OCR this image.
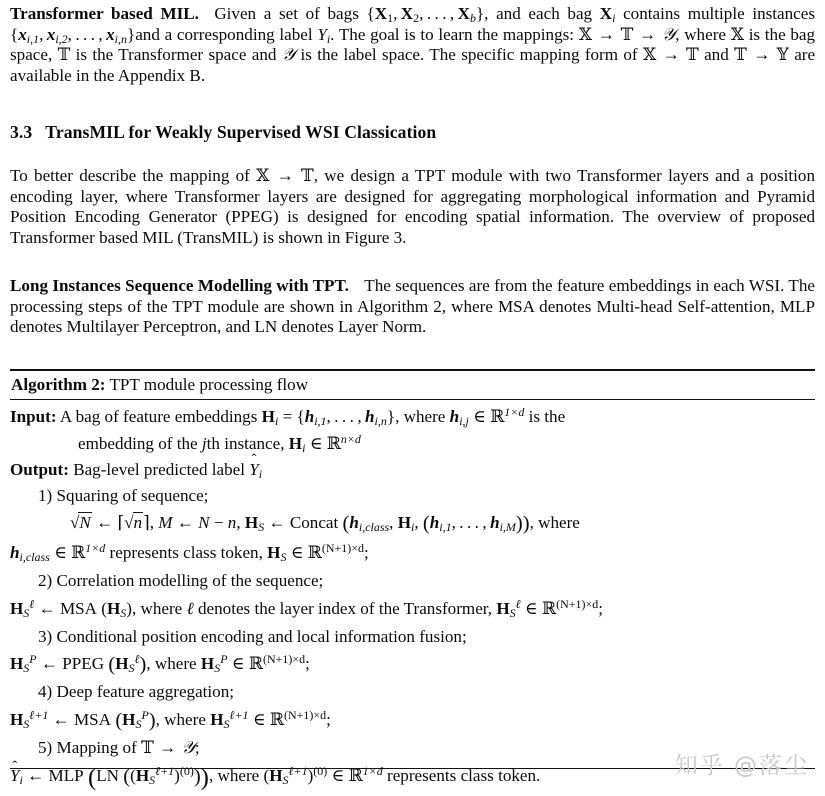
Transformer based MIL. Given a set of bags {$X_1$, $X_2$, . . . , $X_b$}, and each bag $X_i$ contains multiple instances {$x_{i,1}$, $x_{i,2}$, . . . , $x_{i,n}\}and$ a corresponding label $Y_i$. The goal is to learn the mappings: 𝕏 → 𝕋 → 𝒴, where 𝕏 is the bag space, 𝕋 is the Transformer space and 𝒴 is the label space. The specific mapping form of 𝕏 → 𝕋 and 𝕋 → 𝕐 are available in the Appendix B.

3.3 TransMIL for Weakly Supervised WSI Classication

To better describe the mapping of 𝕏 → 𝕋, we design a TPT module with two Transformer layers and a position encoding layer, where Transformer layers are designed for aggregating morphological information and Pyramid Position Encoding Generator (PPEG) is designed for encoding spatial information. The overview of proposed Transformer based MIL (TransMIL) is shown in Figure 3.

Long Instances Sequence Modelling with TPT. The sequences are from the feature embeddings in each WSI. The processing steps of the TPT module are shown in Algorithm 2, where MSA denotes Multi-head Self-attention, MLP denotes Multilayer Perceptron, and LN denotes Layer Norm.

Algorithm 2: TPT module processing flow
Input: A bag of feature embeddings $H_i = \{h_{i,1}$, . . . ,  $h_{i,n}$}, where $h_{i,j}$ ∈ ℝ$^{1\times d}$ is the
embedding of the jth instance, $H_i$ ∈ ℝ$^{n\times d}$
Output: Bag-level predicted label Y
$_i$
1) Squaring of sequence;
√N ← ⌈√n⌉, M ← N − n, $H_S$ ← Concat ($h_{i,class}$, $H_i$, ($h_{i,1}$, . . . ,  $h_{i,M}$)), where
$h_{i,class}$ ∈ ℝ$^{1\times d}$ represents class token, $H_S$ ∈ ℝ$^{(N+1)\times d}$;
2) Correlation modelling of the sequence;
$H_S^\ell$ ← MSA $(H_S)$, where ℓ denotes the layer index of the Transformer, $H_S^\ell$ ∈ ℝ$^{(N+1)\times d}$;
3) Conditional position encoding and local information fusion;
$H_S^P$ ← PPEG $(H_S^\ell)$, where $H_S^P$ ∈ ℝ$^{(N+1)\times d}$;
4) Deep feature aggregation;
$H_S^{\ell+1}$ ← MSA $(H_S^P)$, where $H_S^{\ell+1}$ ∈ ℝ$^{(N+1)\times d}$;
5) Mapping of 𝕋 → 𝒴;
Y
$_i$ ← MLP (LN $((H_S^{\ell+1})^{(0)})$), where $(H_S^{\ell+1})^{(0)}$ ∈ ℝ$^{1\times d}$ represents class token.	知乎 @落尘
